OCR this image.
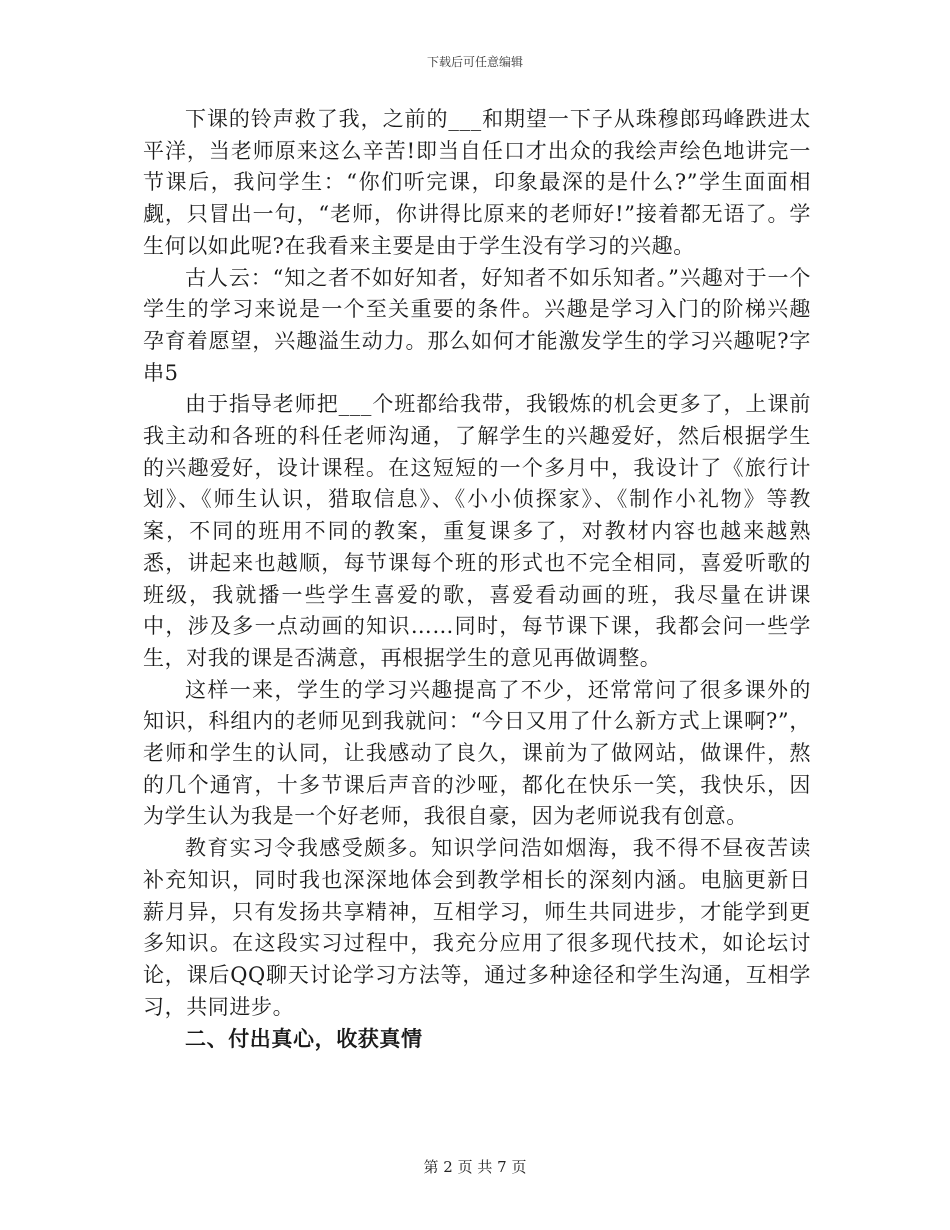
下载后可任意编辑

下课的铃声救了我，之前的___和期望一下子从珠穆郎玛峰跌进太平洋，当老师原来这么辛苦!即当自任口才出众的我绘声绘色地讲完一节课后，我问学生：“你们听完课，印象最深的是什么?”学生面面相觑，只冒出一句，“老师，你讲得比原来的老师好!”接着都无语了。学生何以如此呢?在我看来主要是由于学生没有学习的兴趣。

古人云：“知之者不如好知者，好知者不如乐知者。”兴趣对于一个学生的学习来说是一个至关重要的条件。兴趣是学习入门的阶梯兴趣孕育着愿望，兴趣溢生动力。那么如何才能激发学生的学习兴趣呢?字串5

由于指导老师把___个班都给我带，我锻炼的机会更多了，上课前我主动和各班的科任老师沟通，了解学生的兴趣爱好，然后根据学生的兴趣爱好，设计课程。在这短短的一个多月中，我设计了《旅行计划》、《师生认识，猎取信息》、《小小侦探家》、《制作小礼物》等教案，不同的班用不同的教案，重复课多了，对教材内容也越来越熟悉，讲起来也越顺，每节课每个班的形式也不完全相同，喜爱听歌的班级，我就播一些学生喜爱的歌，喜爱看动画的班，我尽量在讲课中，涉及多一点动画的知识……同时，每节课下课，我都会问一些学生，对我的课是否满意，再根据学生的意见再做调整。

这样一来，学生的学习兴趣提高了不少，还常常问了很多课外的知识，科组内的老师见到我就问：“今日又用了什么新方式上课啊?”，老师和学生的认同，让我感动了良久，课前为了做网站，做课件，熬的几个通宵，十多节课后声音的沙哑，都化在快乐一笑，我快乐，因为学生认为我是一个好老师，我很自豪，因为老师说我有创意。

教育实习令我感受颇多。知识学问浩如烟海，我不得不昼夜苦读补充知识，同时我也深深地体会到教学相长的深刻内涵。电脑更新日薪月异，只有发扬共享精神，互相学习，师生共同进步，才能学到更多知识。在这段实习过程中，我充分应用了很多现代技术，如论坛讨论，课后QQ聊天讨论学习方法等，通过多种途径和学生沟通，互相学习，共同进步。

二、付出真心，收获真情

第 2 页 共 7 页
